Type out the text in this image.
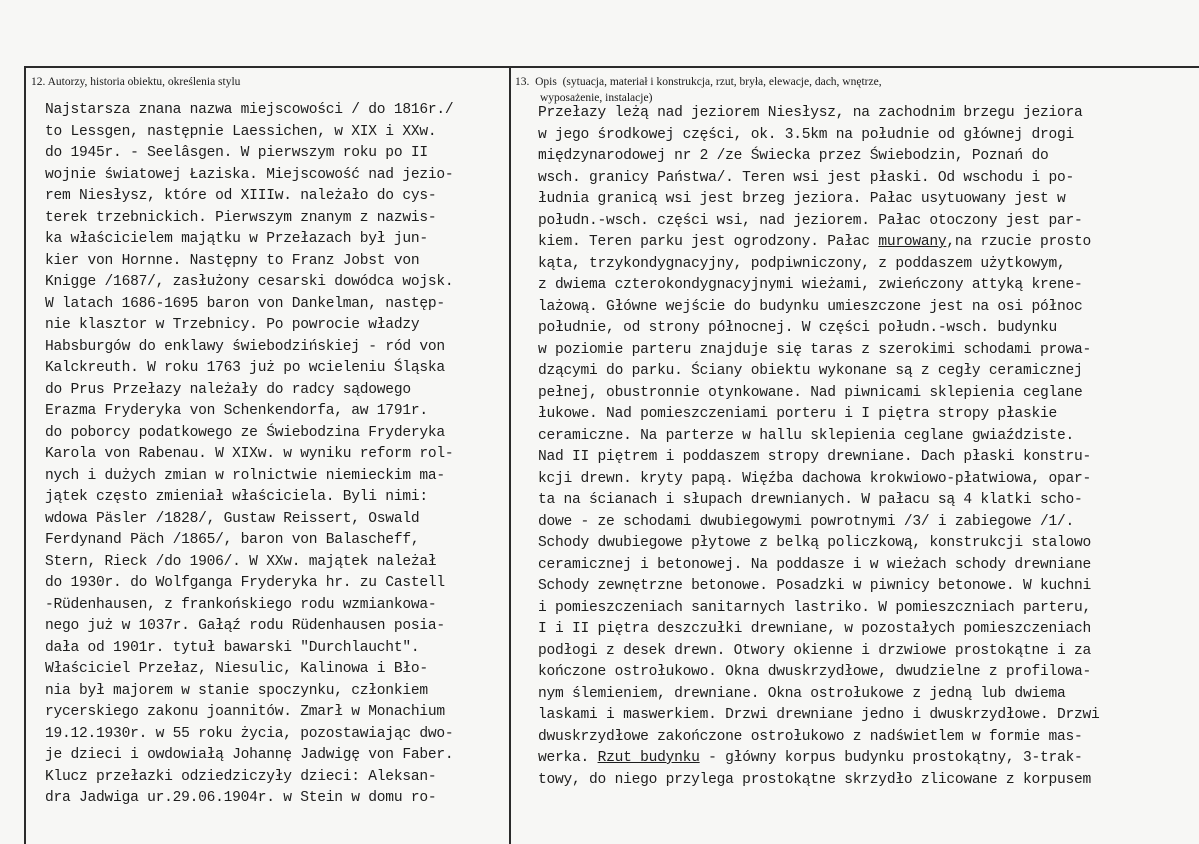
12. Autorzy, historia obiektu, określenia stylu	13.  Opis  (sytuacja, materiał i konstrukcja, rzut, bryła, elewacje, dach, wnętrze,

wyposażenie, instalacje)

Najstarsza znana nazwa miejscowości / do 1816r./
to Lessgen, następnie Laessichen, w XIX i XXw.
do 1945r. - Seelâsgen. W pierwszym roku po II
wojnie światowej Łaziska. Miejscowość nad jezio-
rem Niesłysz, które od XIIIw. należało do cys-
terek trzebnickich. Pierwszym znanym z nazwis-
ka właścicielem majątku w Przełazach był jun-
kier von Hornne. Następny to Franz Jobst von
Knigge /1687/, zasłużony cesarski dowódca wojsk.
W latach 1686-1695 baron von Dankelman, następ-
nie klasztor w Trzebnicy. Po powrocie władzy
Habsburgów do enklawy świebodzińskiej - ród von
Kalckreuth. W roku 1763 już po wcieleniu Śląska
do Prus Przełazy należały do radcy sądowego
Erazma Fryderyka von Schenkendorfa, aw 1791r.
do poborcy podatkowego ze Świebodzina Fryderyka
Karola von Rabenau. W XIXw. w wyniku reform rol-
nych i dużych zmian w rolnictwie niemieckim ma-
jątek często zmieniał właściciela. Byli nimi:
wdowa Päsler /1828/, Gustaw Reissert, Oswald
Ferdynand Päch /1865/, baron von Balascheff,
Stern, Rieck /do 1906/. W XXw. majątek należał
do 1930r. do Wolfganga Fryderyka hr. zu Castell
-Rüdenhausen, z frankońskiego rodu wzmiankowa-
nego już w 1037r. Gałąź rodu Rüdenhausen posia-
dała od 1901r. tytuł bawarski "Durchlaucht".
Właściciel Przełaz, Niesulic, Kalinowa i Bło-
nia był majorem w stanie spoczynku, członkiem
rycerskiego zakonu joannitów. Zmarł w Monachium
19.12.1930r. w 55 roku życia, pozostawiając dwo-
je dzieci i owdowiałą Johannę Jadwigę von Faber.
Klucz przełazki odziedziczyły dzieci: Aleksan-
dra Jadwiga ur.29.06.1904r. w Stein w domu ro-
Przełazy leżą nad jeziorem Niesłysz, na zachodnim brzegu jeziora
w jego środkowej części, ok. 3.5km na południe od głównej drogi
międzynarodowej nr 2 /ze Świecka przez Świebodzin, Poznań do
wsch. granicy Państwa/. Teren wsi jest płaski. Od wschodu i po-
łudnia granicą wsi jest brzeg jeziora. Pałac usytuowany jest w
połudn.-wsch. części wsi, nad jeziorem. Pałac otoczony jest par-
kiem. Teren parku jest ogrodzony. Pałac murowany,na rzucie prosto
kąta, trzykondygnacyjny, podpiwniczony, z poddaszem użytkowym,
z dwiema czterokondygnacyjnymi wieżami, zwieńczony attyką krene-
lażową. Główne wejście do budynku umieszczone jest na osi północ
południe, od strony północnej. W części połudn.-wsch. budynku
w poziomie parteru znajduje się taras z szerokimi schodami prowa-
dzącymi do parku. Ściany obiektu wykonane są z cegły ceramicznej
pełnej, obustronnie otynkowane. Nad piwnicami sklepienia ceglane
łukowe. Nad pomieszczeniami porteru i I piętra stropy płaskie
ceramiczne. Na parterze w hallu sklepienia ceglane gwiaździste.
Nad II piętrem i poddaszem stropy drewniane. Dach płaski konstru-
kcji drewn. kryty papą. Więźba dachowa krokwiowo-płatwiowa, opar-
ta na ścianach i słupach drewnianych. W pałacu są 4 klatki scho-
dowe - ze schodami dwubiegowymi powrotnymi /3/ i zabiegowe /1/.
Schody dwubiegowe płytowe z belką policzkową, konstrukcji stalowo
ceramicznej i betonowej. Na poddasze i w wieżach schody drewniane
Schody zewnętrzne betonowe. Posadzki w piwnicy betonowe. W kuchni
i pomieszczeniach sanitarnych lastriko. W pomieszczniach parteru,
I i II piętra deszczułki drewniane, w pozostałych pomieszczeniach
podłogi z desek drewn. Otwory okienne i drzwiowe prostokątne i za
kończone ostrołukowo. Okna dwuskrzydłowe, dwudzielne z profilowa-
nym ślemieniem, drewniane. Okna ostrołukowe z jedną lub dwiema
laskami i maswerkiem. Drzwi drewniane jedno i dwuskrzydłowe. Drzwi
dwuskrzydłowe zakończone ostrołukowo z nadświetlem w formie mas-
werka. Rzut budynku - główny korpus budynku prostokątny, 3-trak-
towy, do niego przylega prostokątne skrzydło zlicowane z korpusem
